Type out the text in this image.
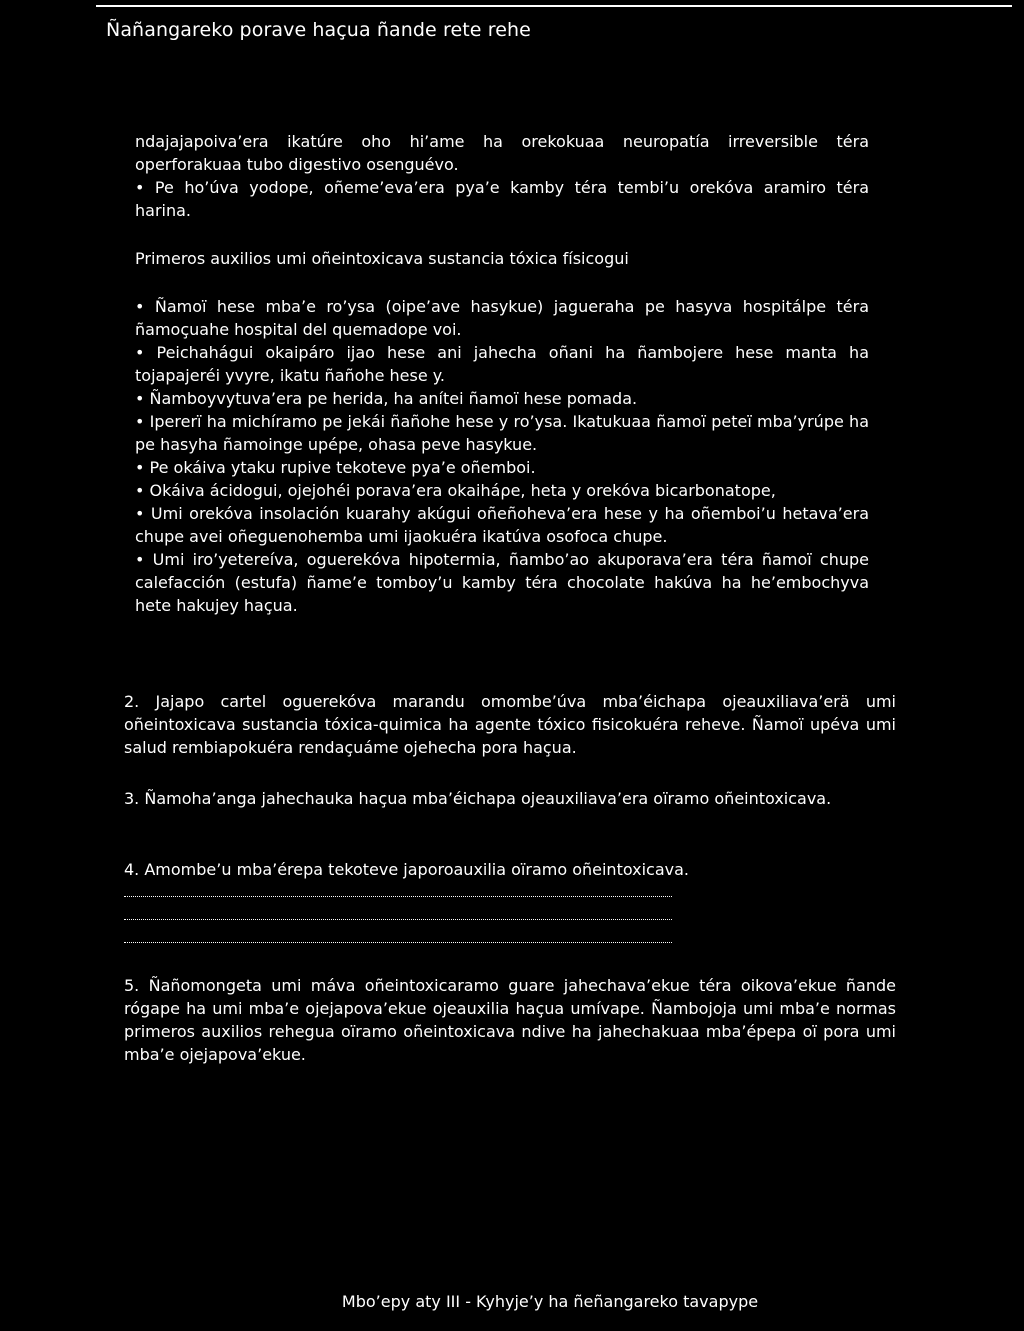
Ñañangareko porave haçua ñande rete rehe

ndajajapoiva’era ikatúre oho hi’ame ha orekokuaa neuropatía irreversible téra operforakuaa tubo digestivo osenguévo.

• Pe ho’úva yodope, oñeme’eva’era pya’e kamby téra tembi’u orekóva aramiro téra harina.

Primeros auxilios umi oñeintoxicava sustancia tóxica físicogui

• Ñamoï hese mba’e ro’ysa (oipe’ave hasykue) jagueraha pe hasyva hospitálpe téra ñamoçuahe hospital del quemadope voi.

• Peichahágui okaipáro ijao hese ani jahecha oñani ha ñambojere hese manta ha tojapajeréi yvyre, ikatu ñañohe hese y.

• Ñamboyvytuva’era pe herida, ha anítei ñamoï hese pomada.

• Ipererï ha michíramo pe jekái ñañohe hese y ro’ysa. Ikatukuaa ñamoï peteï mba’yrúpe ha pe hasyha ñamoinge upépe, ohasa peve hasykue.

• Pe okáiva ytaku rupive tekoteve pya’e oñemboi.

• Okáiva ácidogui, ojejohéi porava’era okaiháρe, heta y orekóva bicarbonatope,

• Umi orekóva insolación kuarahy akúgui oñeñoheva’era hese y ha oñemboi’u hetava’era chupe avei oñeguenohemba umi ijaokuéra ikatúva osofoca chupe.

• Umi iro’yetereíva, oguerekóva hipotermia, ñambo’ao akuporava’era téra ñamoï chupe calefacción (estufa) ñame’e tomboy’u kamby téra chocolate hakúva ha he’embochyva hete hakujey haçua.

2. Jajapo cartel oguerekóva marandu omombe’úva mba’éichapa ojeauxiliava’erä umi oñeintoxicava sustancia tóxica-quimica ha agente tóxico fisicokuéra reheve. Ñamoï upéva umi salud rembiapokuéra rendaçuáme ojehecha pora haçua.

3. Ñamoha’anga jahechauka haçua mba’éichapa ojeauxiliava’era oïramo oñeintoxicava.

4. Amombe’u mba’érepa tekoteve japoroauxilia oïramo oñeintoxicava.

5. Ñañomongeta umi máva oñeintoxicaramo guare jahechava’ekue téra oikova’ekue ñande rógape ha umi mba’e ojejapova’ekue ojeauxilia haçua umívape. Ñambojoja umi mba’e normas primeros auxilios rehegua oïramo oñeintoxicava ndive ha jahechakuaa mba’épepa oï pora umi mba’e ojejapova’ekue.

Mbo’epy aty III - Kyhyje’y ha ñeñangareko tavapype
